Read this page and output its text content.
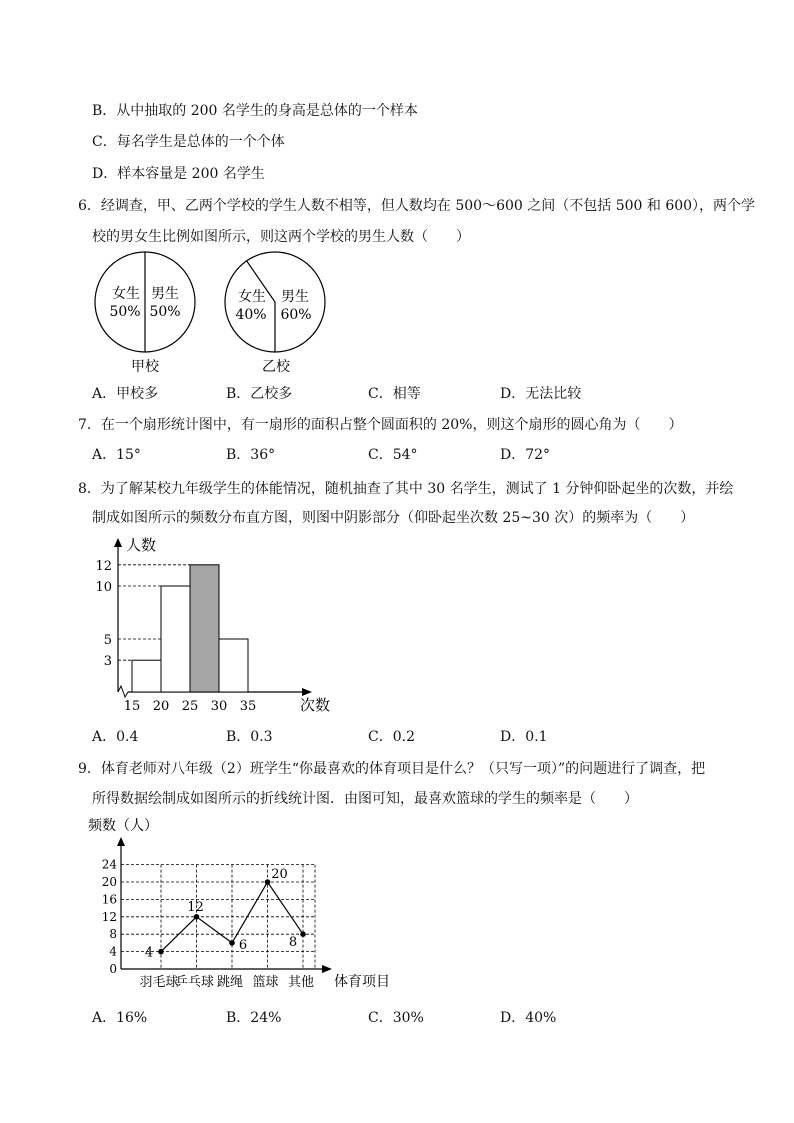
B．从中抽取的 200 名学生的身高是总体的一个样本
C．每名学生是总体的一个个体
D．样本容量是 200 名学生
6．经调查，甲、乙两个学校的学生人数不相等，但人数均在 500～600 之间（不包括 500 和 600），两个学
校的男女生比例如图所示，则这两个学校的男生人数（　　）
女生
50%
男生
50%
甲校
女生
40%
男生
60%
乙校
A．甲校多	B．乙校多	C．相等	D．无法比较
7．在一个扇形统计图中，有一扇形的面积占整个圆面积的 20%，则这个扇形的圆心角为（　　）
A．15°	B．36°	C．54°	D．72°
8．为了解某校九年级学生的体能情况，随机抽查了其中 30 名学生，测试了 1 分钟仰卧起坐的次数，并绘
制成如图所示的频数分布直方图，则图中阴影部分（仰卧起坐次数 25~30 次）的频率为（　　）
人数
次数
3
5
10
12
15 20 25 30 35
A．0.4	B．0.3	C．0.2	D．0.1
9．体育老师对八年级（2）班学生“你最喜欢的体育项目是什么？（只写一项）”的问题进行了调查，把
所得数据绘制成如图所示的折线统计图．由图可知，最喜欢篮球的学生的频率是（　　）
频数（人）
体育项目
0
4
8
12
16
20
24
4
12
6
20
8
羽毛球
乒乓球 跳绳 篮球 其他
A．16%	B．24%	C．30%	D．40%
